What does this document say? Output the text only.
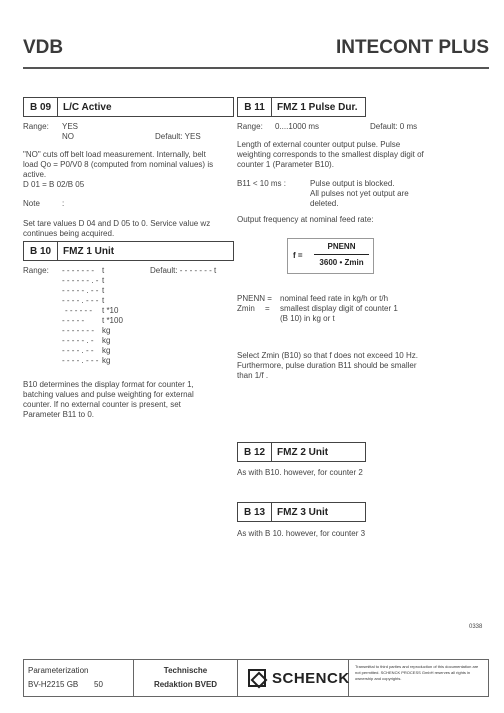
VDB	INTECONT PLUS
B 09	L/C Active
Range: YES
NO	Default: YES
"NO" cuts off belt load measurement. Internally, belt
load Qo = P0/V0 8 (computed from nominal values) is
active.
D 01 = B 02/B 05
Note	:
Set tare values D 04 and D 05 to 0. Service value wz
continues being acquired.
B 10	FMZ 1 Unit
Range:	Default: - - - - - - - t
- - - - - - - t
- - - - - - . - t
- - - - - . - - t
- - - - . - - - t
- - - - - - t *10
- - - - - t *100
- - - - - - - kg
- - - - - . - kg
- - - - . - - kg
- - - - . - - - kg
B10 determines the display format for counter 1,
batching values and pulse weighting for external
counter. If no external counter is present, set
Parameter B11 to 0.
B 11	FMZ 1 Pulse Dur.
Range: 0....1000 ms	Default: 0 ms
Length of external counter output pulse. Pulse
weighting corresponds to the smallest display digit of
counter 1 (Parameter B10).
B11 < 10 ms :	Pulse output is blocked.
All pulses not yet output are
deleted.
Output frequency at nominal feed rate:
f =
PNENN
3600 • Zmin
PNENN = nominal feed rate in kg/h or t/h
Zmin = smallest display digit of counter 1
(B 10) in kg or t
Select Zmin (B10) so that f does not exceed 10 Hz.
Furthermore, pulse duration B11 should be smaller
than 1/f .
B 12	FMZ 2 Unit
As with B10. however, for counter 2
B 13	FMZ 3 Unit
As with B 10. however, for counter 3
0338
Parameterization
BV-H2215 GB 50
Technische
Redaktion BVED	SCHENCK
Transmittal to third parties and reproduction of this documentation are not permitted. SCHENCK PROCESS GmbH reserves all rights in ownership and copyrights.
